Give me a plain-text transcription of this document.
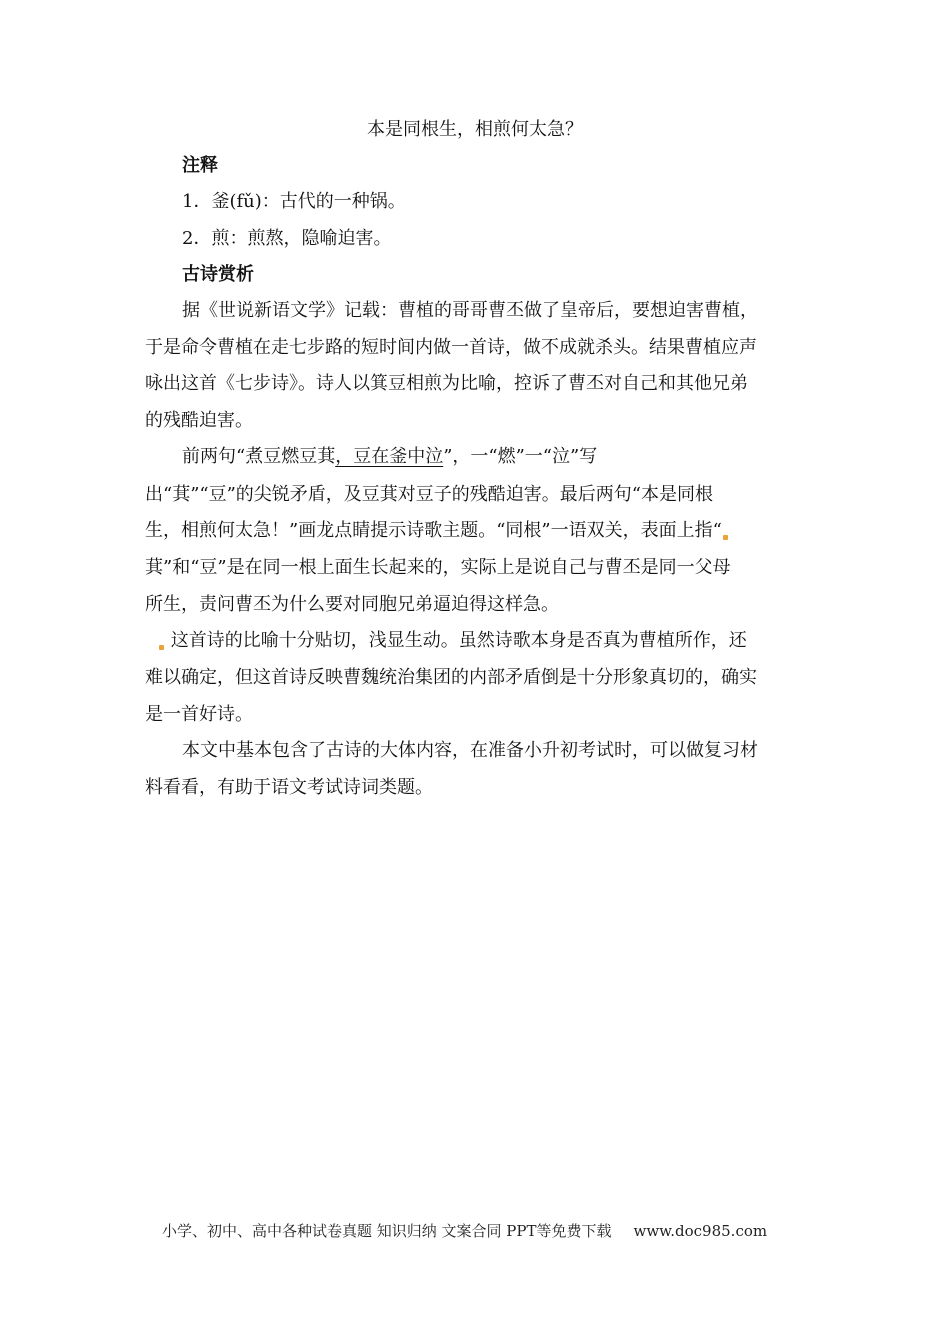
本是同根生，相煎何太急？
注释
1．釜(fǔ)：古代的一种锅。
2．煎：煎熬，隐喻迫害。
古诗赏析
据《世说新语文学》记载：曹植的哥哥曹丕做了皇帝后，要想迫害曹植，
于是命令曹植在走七步路的短时间内做一首诗，做不成就杀头。结果曹植应声
咏出这首《七步诗》。诗人以箕豆相煎为比喻，控诉了曹丕对自己和其他兄弟
的残酷迫害。
前两句“煮豆燃豆萁，豆在釜中泣”，一“燃”一“泣”写
出“萁”“豆”的尖锐矛盾，及豆萁对豆子的残酷迫害。最后两句“本是同根
生，相煎何太急！”画龙点睛提示诗歌主题。“同根”一语双关，表面上指“
萁”和“豆”是在同一根上面生长起来的，实际上是说自己与曹丕是同一父母
所生，责问曹丕为什么要对同胞兄弟逼迫得这样急。
这首诗的比喻十分贴切，浅显生动。虽然诗歌本身是否真为曹植所作，还
难以确定，但这首诗反映曹魏统治集团的内部矛盾倒是十分形象真切的，确实
是一首好诗。
本文中基本包含了古诗的大体内容，在准备小升初考试时，可以做复习材
料看看，有助于语文考试诗词类题。
小学、初中、高中各种试卷真题 知识归纳 文案合同 PPT等免费下载 www.doc985.com
